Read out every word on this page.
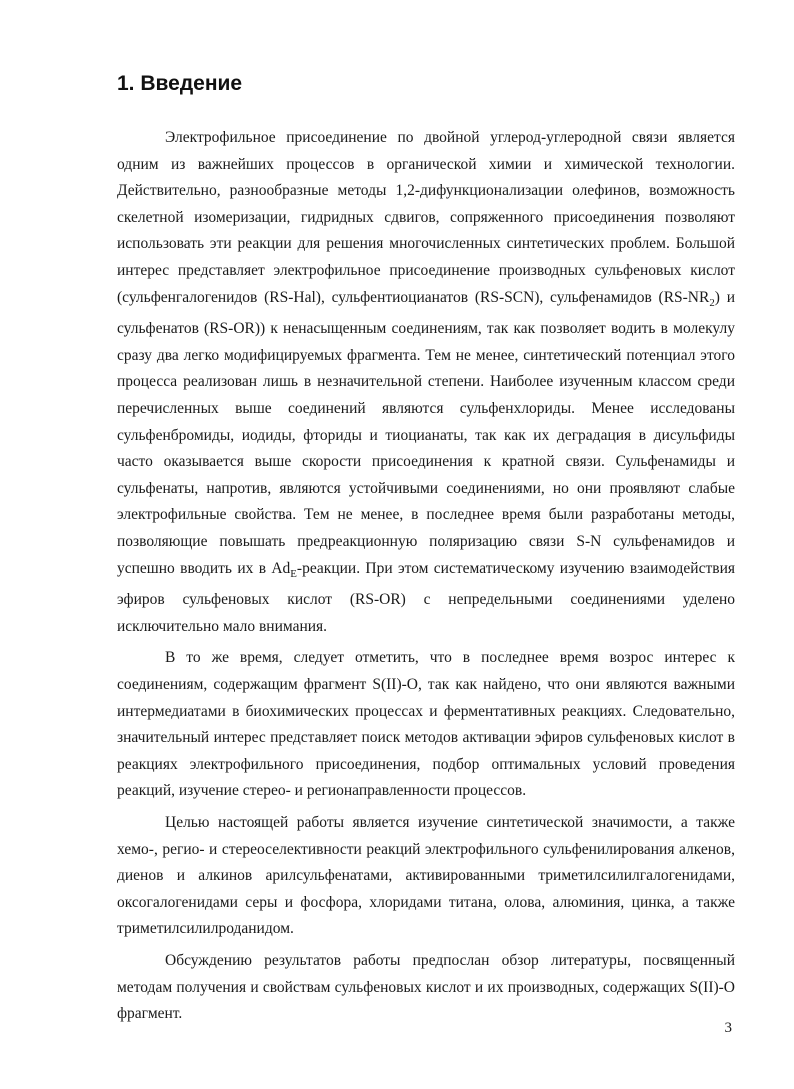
1. Введение

Электрофильное присоединение по двойной углерод-углеродной связи является одним из важнейших процессов в органической химии и химической технологии. Действительно, разнообразные методы 1,2-дифункционализации олефинов, возможность скелетной изомеризации, гидридных сдвигов, сопряженного присоединения позволяют использовать эти реакции для решения многочисленных синтетических проблем. Большой интерес представляет электрофильное присоединение производных сульфеновых кислот (сульфенгалогенидов (RS-Hal), сульфентиоцианатов (RS-SCN), сульфенамидов $(RS-NR_2)$ и сульфенатов (RS-OR)) к ненасыщенным соединениям, так как позволяет водить в молекулу сразу два легко модифицируемых фрагмента. Тем не менее, синтетический потенциал этого процесса реализован лишь в незначительной степени. Наиболее изученным классом среди перечисленных выше соединений являются сульфенхлориды. Менее исследованы сульфенбромиды, иодиды, фториды и тиоцианаты, так как их деградация в дисульфиды часто оказывается выше скорости присоединения к кратной связи. Сульфенамиды и сульфенаты, напротив, являются устойчивыми соединениями, но они проявляют слабые электрофильные свойства. Тем не менее, в последнее время были разработаны методы, позволяющие повышать предреакционную поляризацию связи S-N сульфенамидов и успешно вводить их в $Ad_E$-реакции. При этом систематическому изучению взаимодействия эфиров сульфеновых кислот (RS-OR) с непредельными соединениями уделено исключительно мало внимания.

В то же время, следует отметить, что в последнее время возрос интерес к соединениям, содержащим фрагмент S(II)-O, так как найдено, что они являются важными интермедиатами в биохимических процессах и ферментативных реакциях. Следовательно, значительный интерес представляет поиск методов активации эфиров сульфеновых кислот в реакциях электрофильного присоединения, подбор оптимальных условий проведения реакций, изучение стерео- и регионаправленности процессов.

Целью настоящей работы является изучение синтетической значимости, а также хемо-, регио- и стереоселективности реакций электрофильного сульфенилирования алкенов, диенов и алкинов арилсульфенатами, активированными триметилсилилгалогенидами, оксогалогенидами серы и фосфора, хлоридами титана, олова, алюминия, цинка, а также триметилсилилроданидом.

Обсуждению результатов работы предпослан обзор литературы, посвященный методам получения и свойствам сульфеновых кислот и их производных, содержащих S(II)-O фрагмент.

3
